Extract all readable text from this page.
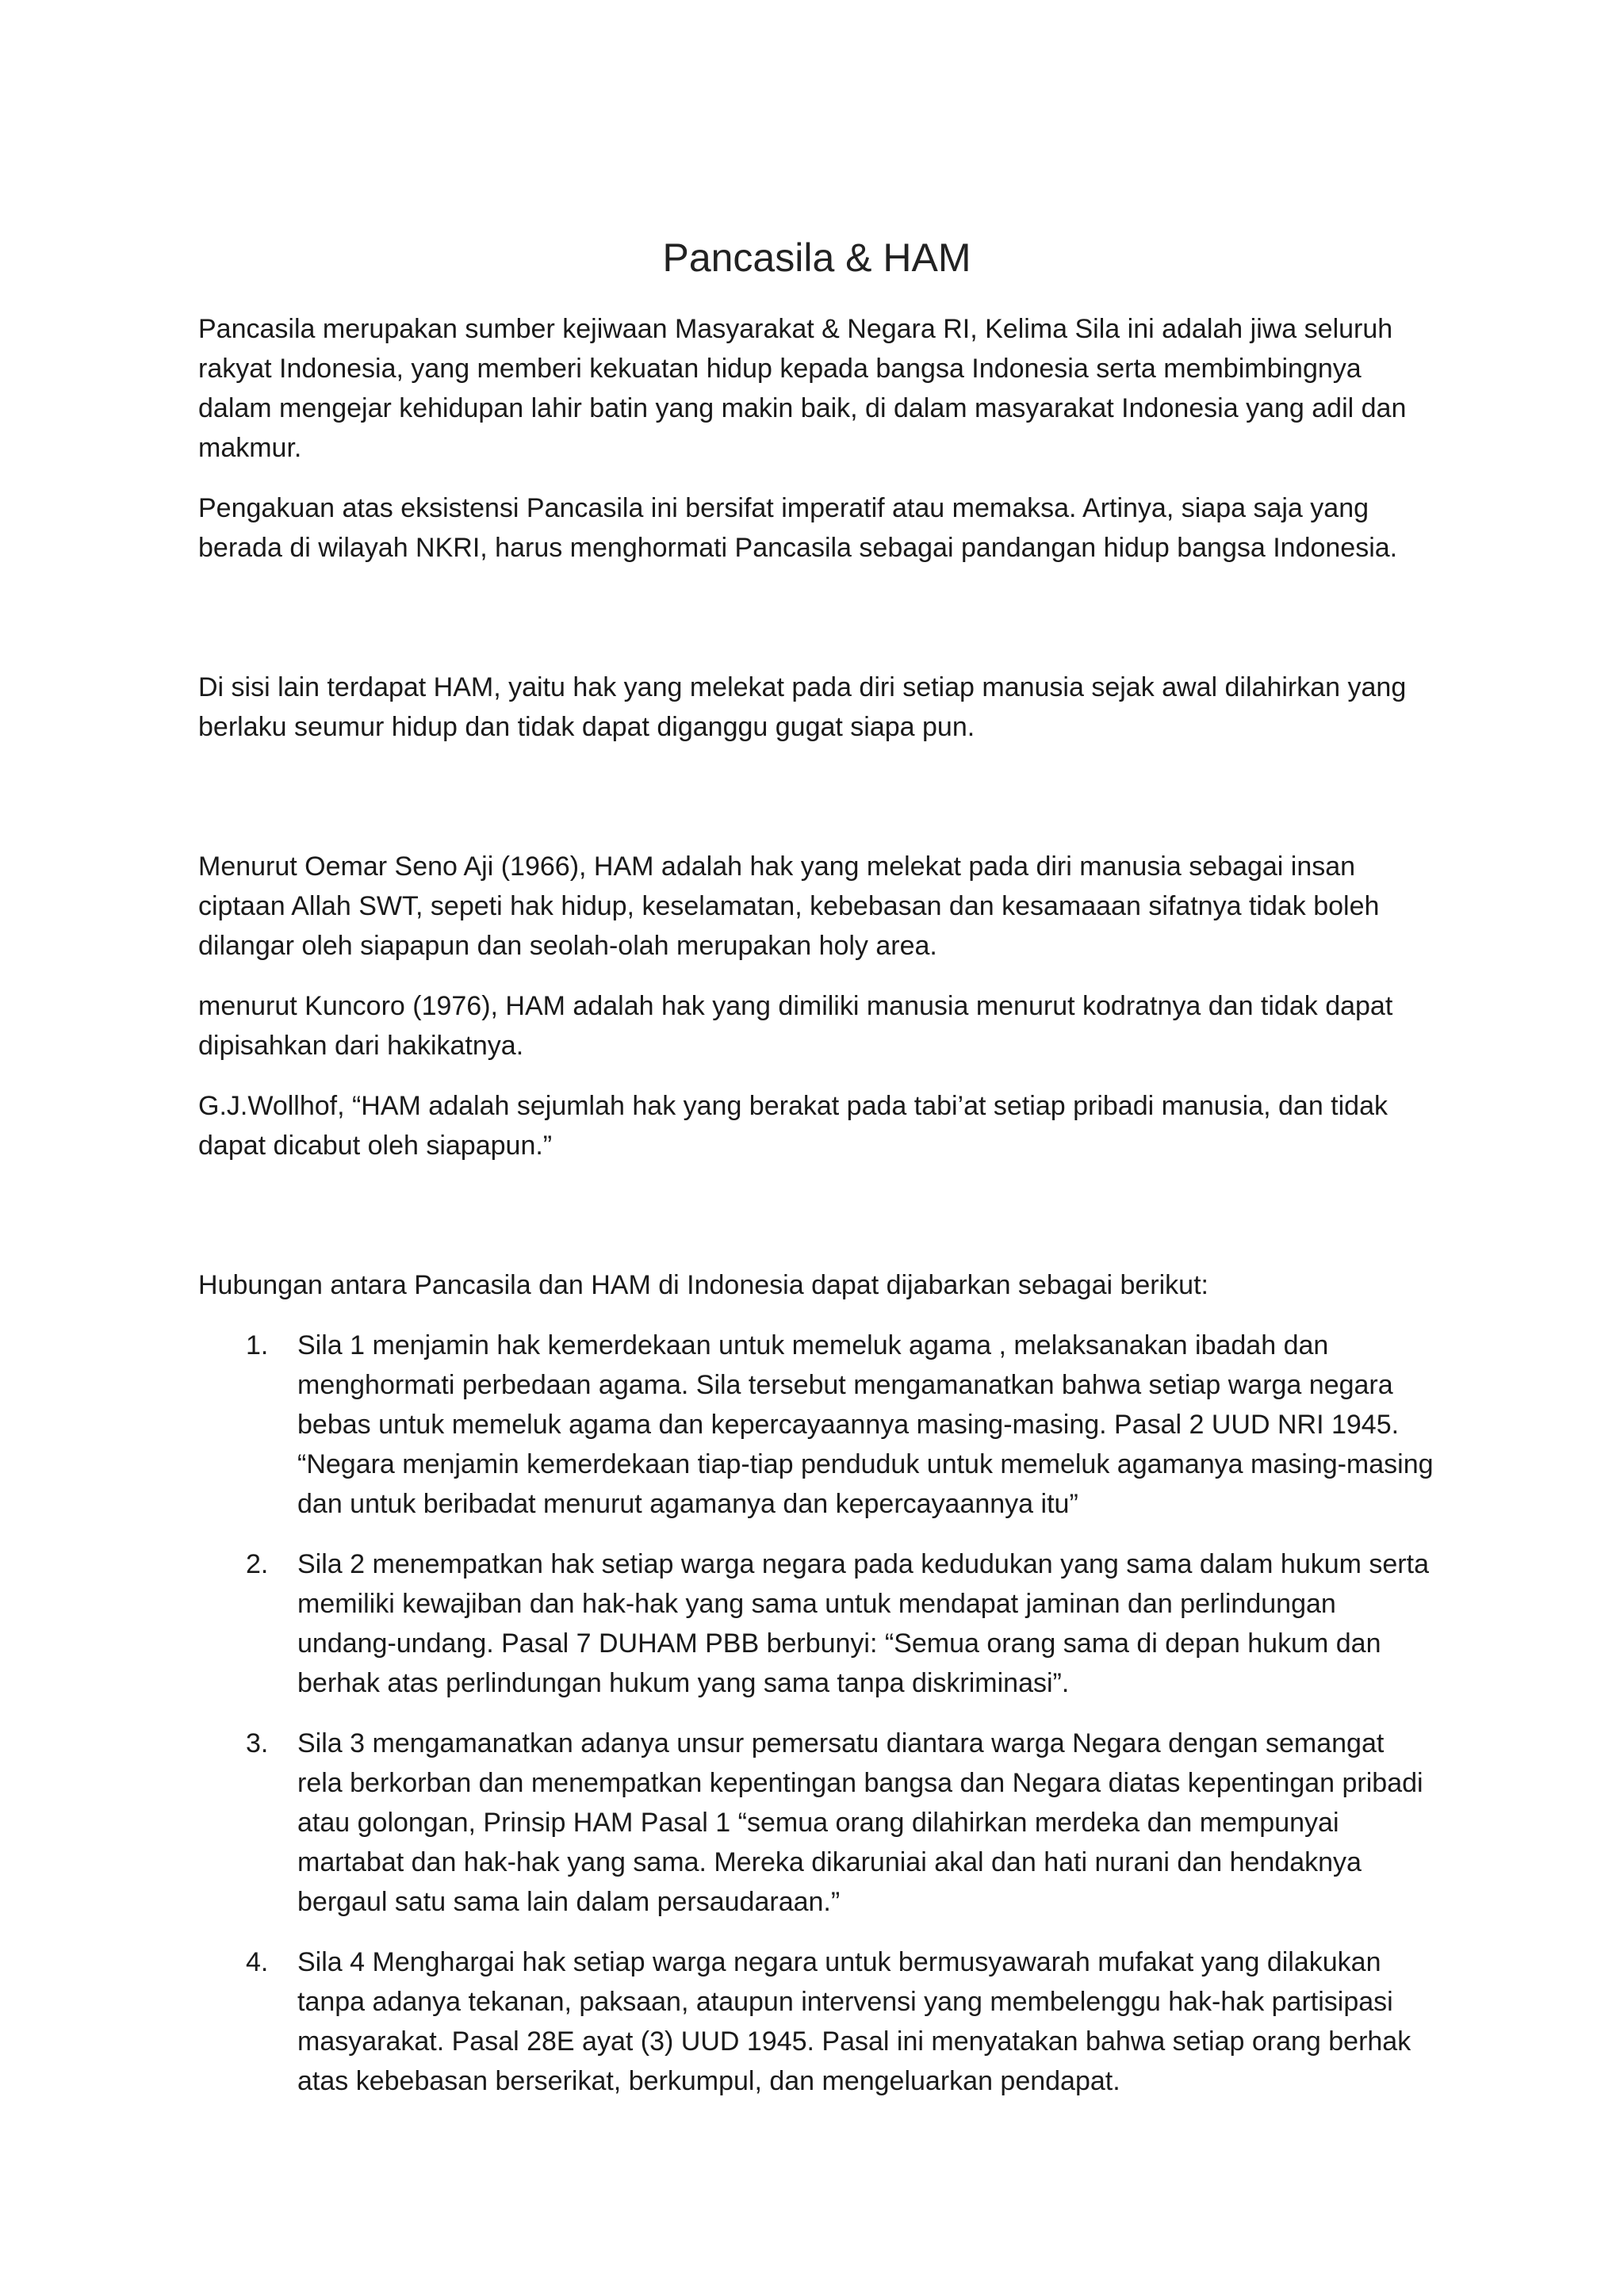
Pancasila & HAM

Pancasila merupakan sumber kejiwaan Masyarakat & Negara RI, Kelima Sila ini adalah jiwa seluruh rakyat Indonesia, yang memberi kekuatan hidup kepada bangsa Indonesia serta membimbingnya dalam mengejar kehidupan lahir batin yang makin baik, di dalam masyarakat Indonesia yang adil dan makmur.

Pengakuan atas eksistensi Pancasila ini bersifat imperatif atau memaksa. Artinya, siapa saja yang berada di wilayah NKRI, harus menghormati Pancasila sebagai pandangan hidup bangsa Indonesia.

Di sisi lain terdapat HAM, yaitu hak yang melekat pada diri setiap manusia sejak awal dilahirkan yang berlaku seumur hidup dan tidak dapat diganggu gugat siapa pun.

Menurut Oemar Seno Aji (1966), HAM adalah hak yang melekat pada diri manusia sebagai insan ciptaan Allah SWT, sepeti hak hidup, keselamatan, kebebasan dan kesamaaan sifatnya tidak boleh dilangar oleh siapapun dan seolah-olah merupakan holy area.

menurut Kuncoro (1976), HAM adalah hak yang dimiliki manusia menurut kodratnya dan tidak dapat dipisahkan dari hakikatnya.

G.J.Wollhof, “HAM adalah sejumlah hak yang berakat pada tabi’at setiap pribadi manusia, dan tidak dapat dicabut oleh siapapun.”

Hubungan antara Pancasila dan HAM di Indonesia dapat dijabarkan sebagai berikut:

1.	Sila 1 menjamin hak kemerdekaan untuk memeluk agama , melaksanakan ibadah dan menghormati perbedaan agama. Sila tersebut mengamanatkan bahwa setiap warga negara bebas untuk memeluk agama dan kepercayaannya masing-masing. Pasal 2 UUD NRI 1945. “Negara menjamin kemerdekaan tiap-tiap penduduk untuk memeluk agamanya masing-masing dan untuk beribadat menurut agamanya dan kepercayaannya itu”
2.	Sila 2 menempatkan hak setiap warga negara pada kedudukan yang sama dalam hukum serta memiliki kewajiban dan hak-hak yang sama untuk mendapat jaminan dan perlindungan undang-undang. Pasal 7 DUHAM PBB berbunyi: “Semua orang sama di depan hukum dan berhak atas perlindungan hukum yang sama tanpa diskriminasi”.
3.	Sila 3 mengamanatkan adanya unsur pemersatu diantara warga Negara dengan semangat rela berkorban dan menempatkan kepentingan bangsa dan Negara diatas kepentingan pribadi atau golongan, Prinsip HAM Pasal 1 “semua orang dilahirkan merdeka dan mempunyai martabat dan hak-hak yang sama. Mereka dikaruniai akal dan hati nurani dan hendaknya bergaul satu sama lain dalam persaudaraan.”
4.	Sila 4 Menghargai hak setiap warga negara untuk bermusyawarah mufakat yang dilakukan tanpa adanya tekanan, paksaan, ataupun intervensi yang membelenggu hak-hak partisipasi masyarakat. Pasal 28E ayat (3) UUD 1945. Pasal ini menyatakan bahwa setiap orang berhak atas kebebasan berserikat, berkumpul, dan mengeluarkan pendapat.
